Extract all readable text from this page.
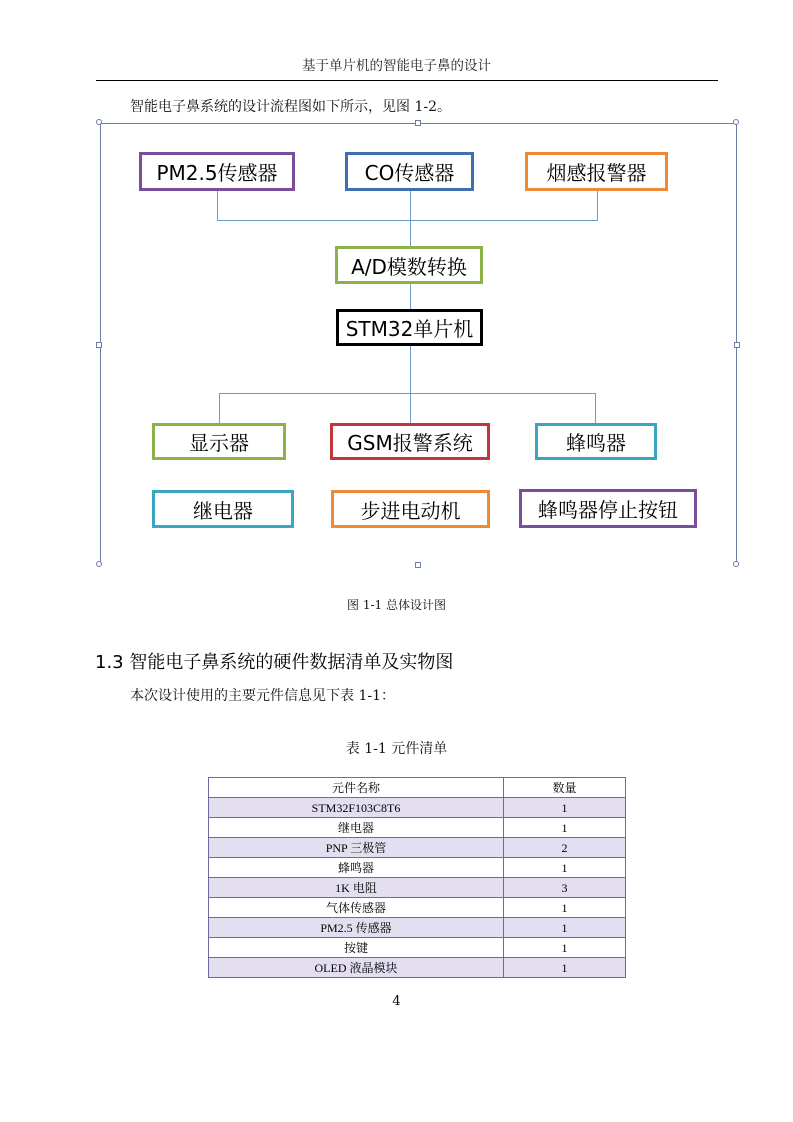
基于单片机的智能电子鼻的设计
智能电子鼻系统的设计流程图如下所示，见图 1-2。
PM2.5传感器	CO传感器	烟感报警器
A/D模数转换
STM32单片机
显示器	GSM报警系统	蜂鸣器
继电器	步进电动机	蜂鸣器停止按钮
图 1-1 总体设计图
1.3 智能电子鼻系统的硬件数据清单及实物图
本次设计使用的主要元件信息见下表 1-1：
表 1-1 元件清单
元件名称	数量
STM32F103C8T6	1
继电器	1
PNP 三极管	2
蜂鸣器	1
1K 电阻	3
气体传感器	1
PM2.5 传感器	1
按键	1
OLED 液晶模块	1
4
